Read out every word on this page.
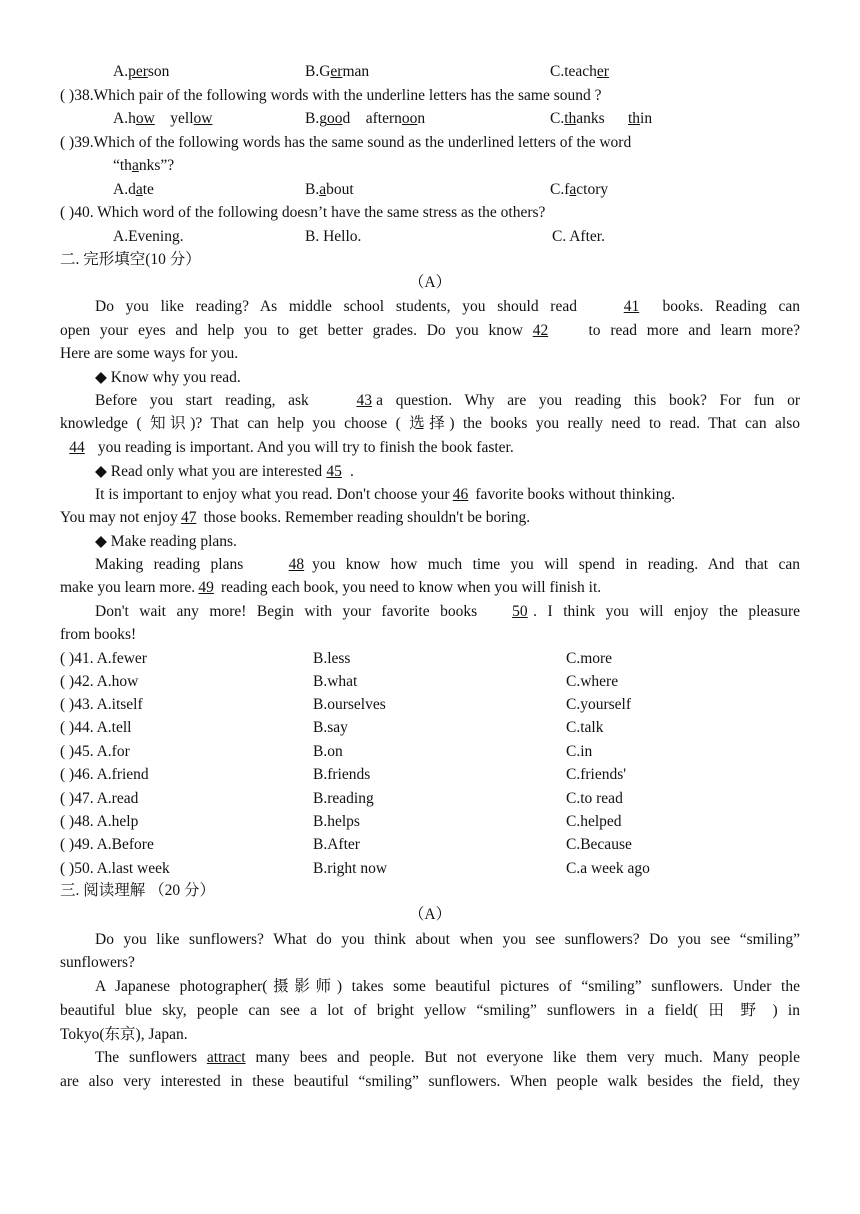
A.person	B.German	C.teacher
( )38.Which pair of the following words with the underline letters has the same sound ?
A.how yellow	B.good afternoon	C.thanks thin
( )39.Which of the following words has the same sound as the underlined letters of the word
“thanks”?
A.date	B.about	C.factory
( )40. Which word of the following doesn’t have the same stress as the others?
A.Evening.	B. Hello.	C. After.
二. 完形填空(10 分）
（A）
Do you like reading? As middle school students, you should read	41 books. Reading can
open your eyes and help you to get better grades. Do you know 42	to read more and learn more?
Here are some ways for you.
◆ Know why you read.
Before you start reading, ask	43 a question. Why are you reading this book? For fun or
knowledge ( 知识)? That can help you choose ( 选择) the books you really need to read. That can also
44 you reading is important. And you will try to finish the book faster.
◆ Read only what you are interested 45 .
It is important to enjoy what you read. Don't choose your 46 favorite books without thinking.
You may not enjoy 47 those books. Remember reading shouldn't be boring.
◆ Make reading plans.
Making reading plans	48 you know how much time you will spend in reading. And that can
make you learn more. 49 reading each book, you need to know when you will finish it.
Don't wait any more! Begin with your favorite books 50 . I think you will enjoy the pleasure
from books!
( )41. A.fewer	B.less	C.more
( )42. A.how	B.what	C.where
( )43. A.itself	B.ourselves	C.yourself
( )44. A.tell	B.say	C.talk
( )45. A.for	B.on	C.in
( )46. A.friend	B.friends	C.friends'
( )47. A.read	B.reading	C.to read
( )48. A.help	B.helps	C.helped
( )49. A.Before	B.After	C.Because
( )50. A.last week	B.right now	C.a week ago
三. 阅读理解 （20 分）
（A）
Do you like sunflowers? What do you think about when you see sunflowers? Do you see “smiling”
sunflowers?
A Japanese photographer(摄影师) takes some beautiful pictures of “smiling” sunflowers. Under the
beautiful blue sky, people can see a lot of bright yellow “smiling” sunflowers in a field( 田 野 ) in
Tokyo(东京), Japan.
The sunflowers attract many bees and people. But not everyone like them very much. Many people
are also very interested in these beautiful “smiling” sunflowers. When people walk besides the field, they
